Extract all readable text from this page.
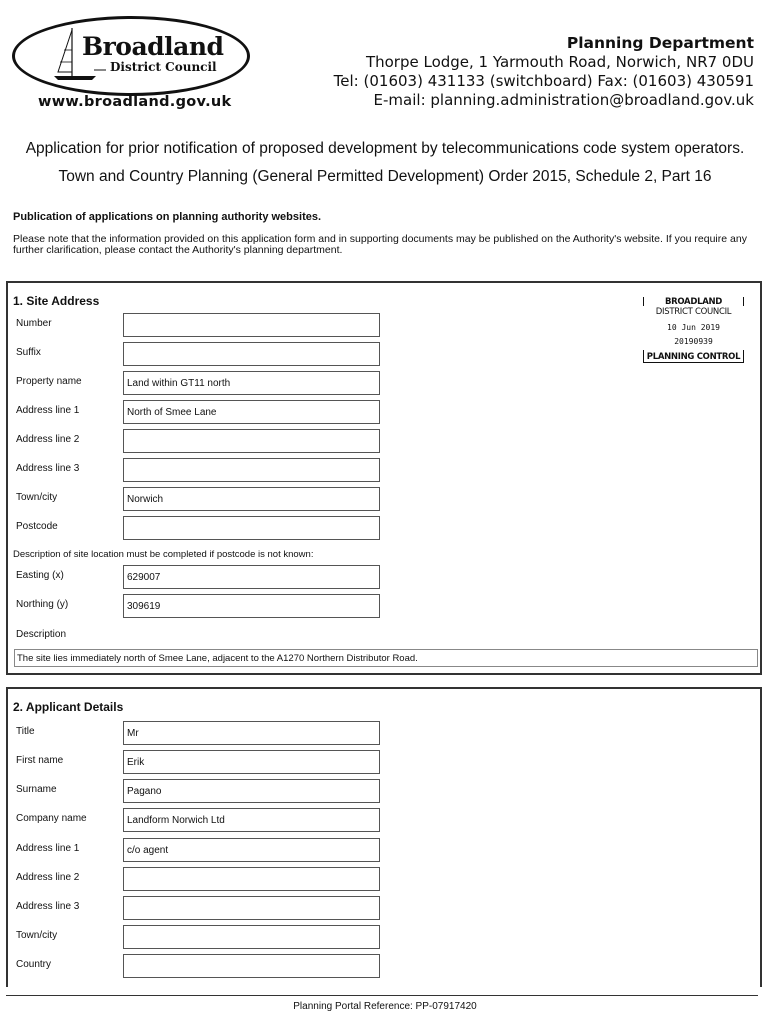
Broadland
District Council
www.broadland.gov.uk
Planning Department
Thorpe Lodge, 1 Yarmouth Road, Norwich, NR7 0DU
Tel: (01603) 431133 (switchboard) Fax: (01603) 430591
E-mail: planning.administration@broadland.gov.uk
Application for prior notification of proposed development by telecommunications code system operators.
Town and Country Planning (General Permitted Development) Order 2015, Schedule 2, Part 16
Publication of applications on planning authority websites.
Please note that the information provided on this application form and in supporting documents may be published on the Authority's website. If you require any further clarification, please contact the Authority's planning department.
1. Site Address	BROADLAND
DISTRICT COUNCIL
10 Jun 2019
20190939
PLANNING CONTROL
Number
Suffix
Property name	Land within GT11 north
Address line 1	North of Smee Lane
Address line 2
Address line 3
Town/city	Norwich
Postcode
Description of site location must be completed if postcode is not known:
Easting (x)	629007
Northing (y)	309619
Description
The site lies immediately north of Smee Lane, adjacent to the A1270 Northern Distributor Road.
2. Applicant Details
Title	Mr
First name	Erik
Surname	Pagano
Company name	Landform Norwich Ltd
Address line 1	c/o agent
Address line 2
Address line 3
Town/city
Country
Planning Portal Reference: PP-07917420
